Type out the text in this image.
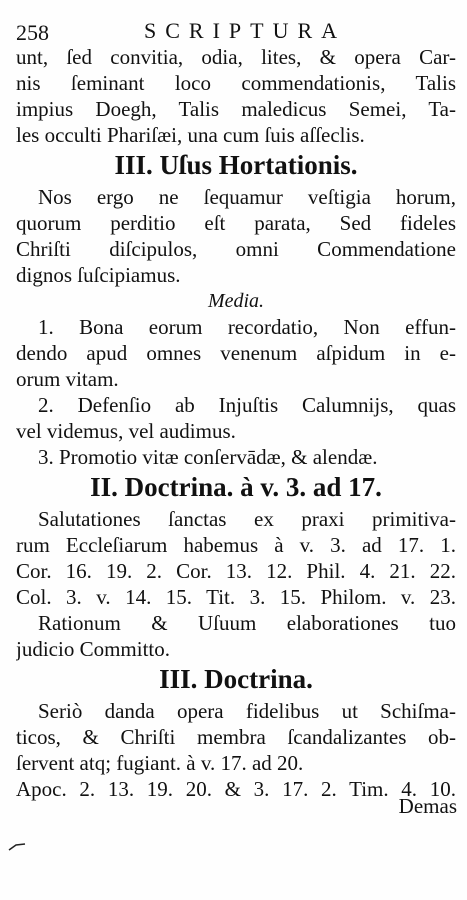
258	SCRIPTURA
unt, ſed convitia, odia, lites, & opera Car-
nis ſeminant loco commendationis, Talis
impius Doegh, Talis maledicus Semei, Ta-
les occulti Phariſæi, una cum ſuis aſſeclis.
III. Uſus Hortationis.
Nos ergo ne ſequamur veſtigia horum,
quorum perditio eſt parata, Sed fideles
Chriſti diſcipulos, omni Commendatione
dignos ſuſcipiamus.
Media.
1. Bona eorum recordatio, Non effun-
dendo apud omnes venenum aſpidum in e-
orum vitam.
2. Defenſio ab Injuſtis Calumnijs, quas
vel videmus, vel audimus.
3. Promotio vitæ conſervādæ, & alendæ.
II. Doctrina. à v. 3. ad 17.
Salutationes ſanctas ex praxi primitiva-
rum Eccleſiarum habemus à v. 3. ad 17. 1.
Cor. 16. 19. 2. Cor. 13. 12. Phil. 4. 21. 22.
Col. 3. v. 14. 15. Tit. 3. 15. Philom. v. 23.
Rationum & Uſuum elaborationes tuo
judicio Committo.
III. Doctrina.
Seriò danda opera fidelibus ut Schiſma-
ticos, & Chriſti membra ſcandalizantes ob-
ſervent atq; fugiant. à v. 17. ad 20.
Apoc. 2. 13. 19. 20. & 3. 17. 2. Tim. 4. 10.
Demas
